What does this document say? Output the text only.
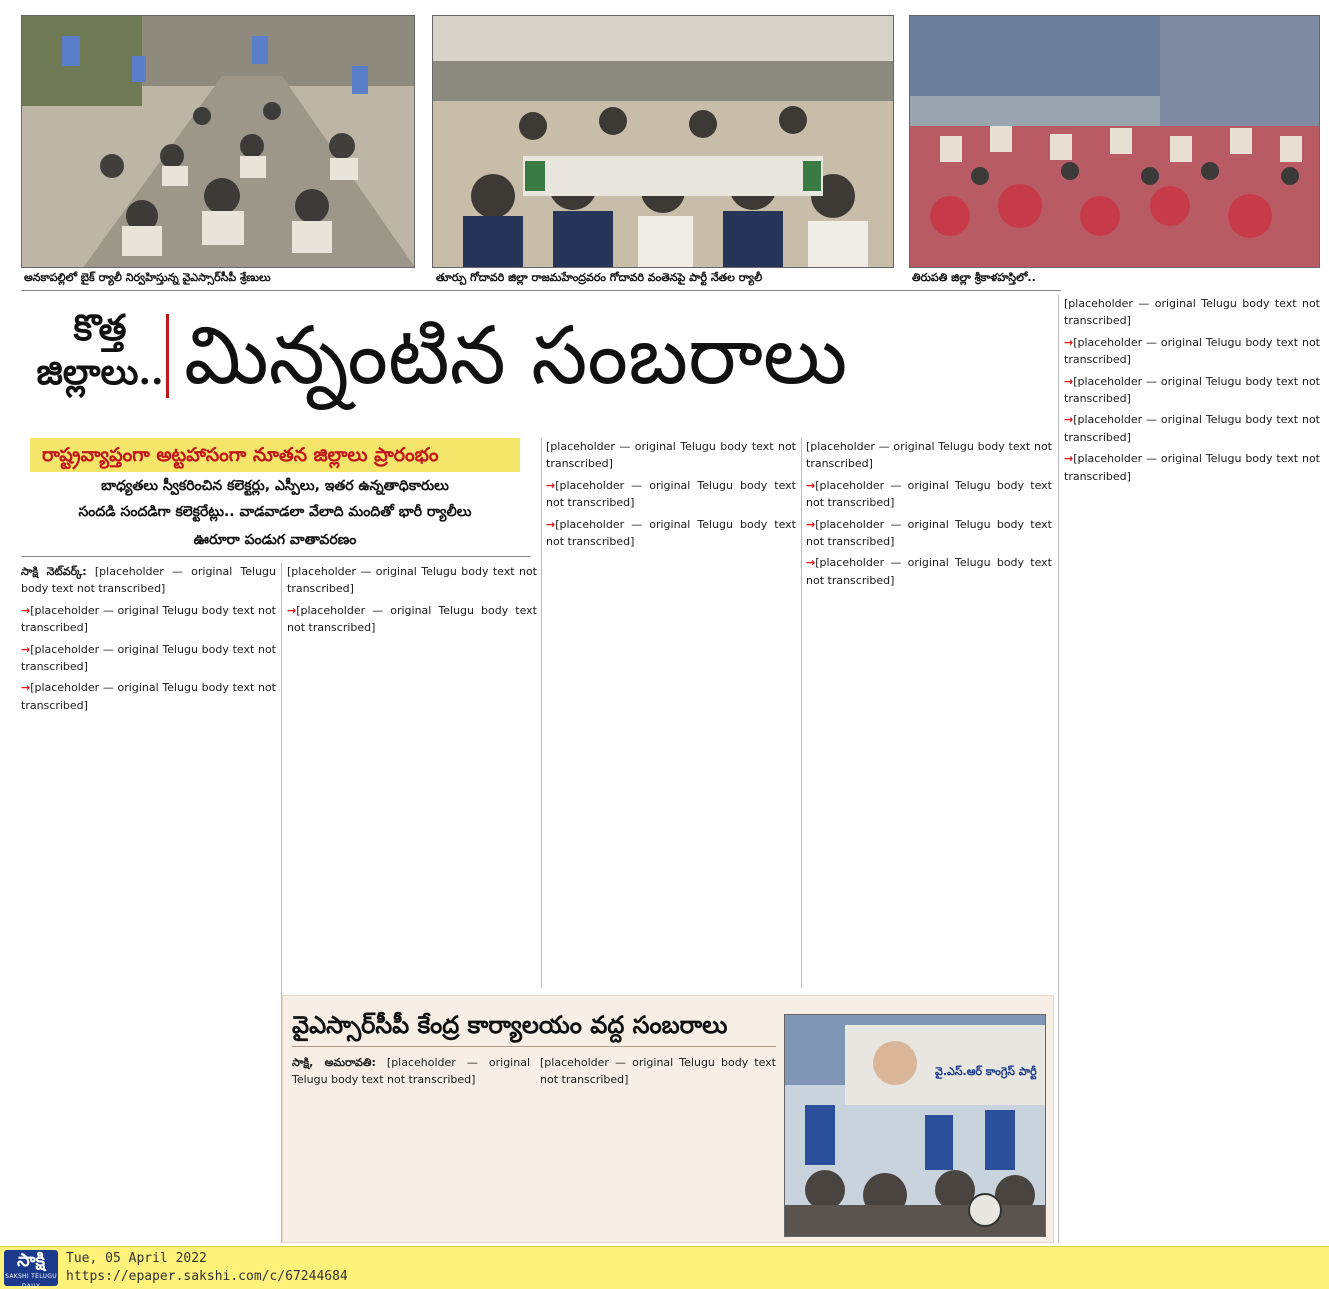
అనకాపల్లిలో బైక్ ర్యాలీ నిర్వహిస్తున్న వైఎస్సార్‌సీపీ శ్రేణులు	తూర్పు గోదావరి జిల్లా రాజమహేంద్రవరం గోదావరి వంతెనపై పార్టీ నేతల ర్యాలీ	తిరుపతి జిల్లా శ్రీకాళహస్తిలో..
కొత్త
జిల్లాలు.. మిన్నంటిన సంబరాలు
రాష్ట్రవ్యాప్తంగా అట్టహాసంగా నూతన జిల్లాలు ప్రారంభం
బాధ్యతలు స్వీకరించిన కలెక్టర్లు, ఎస్పీలు, ఇతర ఉన్నతాధికారులు
సందడి సందడిగా కలెక్టరేట్లు.. వాడవాడలా వేలాది మందితో భారీ ర్యాలీలు
ఊరూరా పండుగ వాతావరణం

సాక్షి నెట్‌వర్క్: [placeholder — original Telugu body text not transcribed]

→ [placeholder — original Telugu body text not transcribed]

→ [placeholder — original Telugu body text not transcribed]

→ [placeholder — original Telugu body text not transcribed]

[placeholder — original Telugu body text not transcribed]

→ [placeholder — original Telugu body text not transcribed]

[placeholder — original Telugu body text not transcribed]

→ [placeholder — original Telugu body text not transcribed]

→ [placeholder — original Telugu body text not transcribed]

[placeholder — original Telugu body text not transcribed]

→ [placeholder — original Telugu body text not transcribed]

→ [placeholder — original Telugu body text not transcribed]

→ [placeholder — original Telugu body text not transcribed]

[placeholder — original Telugu body text not transcribed]

→ [placeholder — original Telugu body text not transcribed]

→ [placeholder — original Telugu body text not transcribed]

→ [placeholder — original Telugu body text not transcribed]

→ [placeholder — original Telugu body text not transcribed]

వైఎస్సార్‌సీపీ కేంద్ర కార్యాలయం వద్ద సంబరాలు

సాక్షి, అమరావతి: [placeholder — original Telugu body text not transcribed]

[placeholder — original Telugu body text not transcribed]

వై.ఎస్.ఆర్ కాంగ్రెస్ పార్టీ
సాక్షి
SAKSHI TELUGU DAILY
Tue, 05 April 2022
https://epaper.sakshi.com/c/67244684
